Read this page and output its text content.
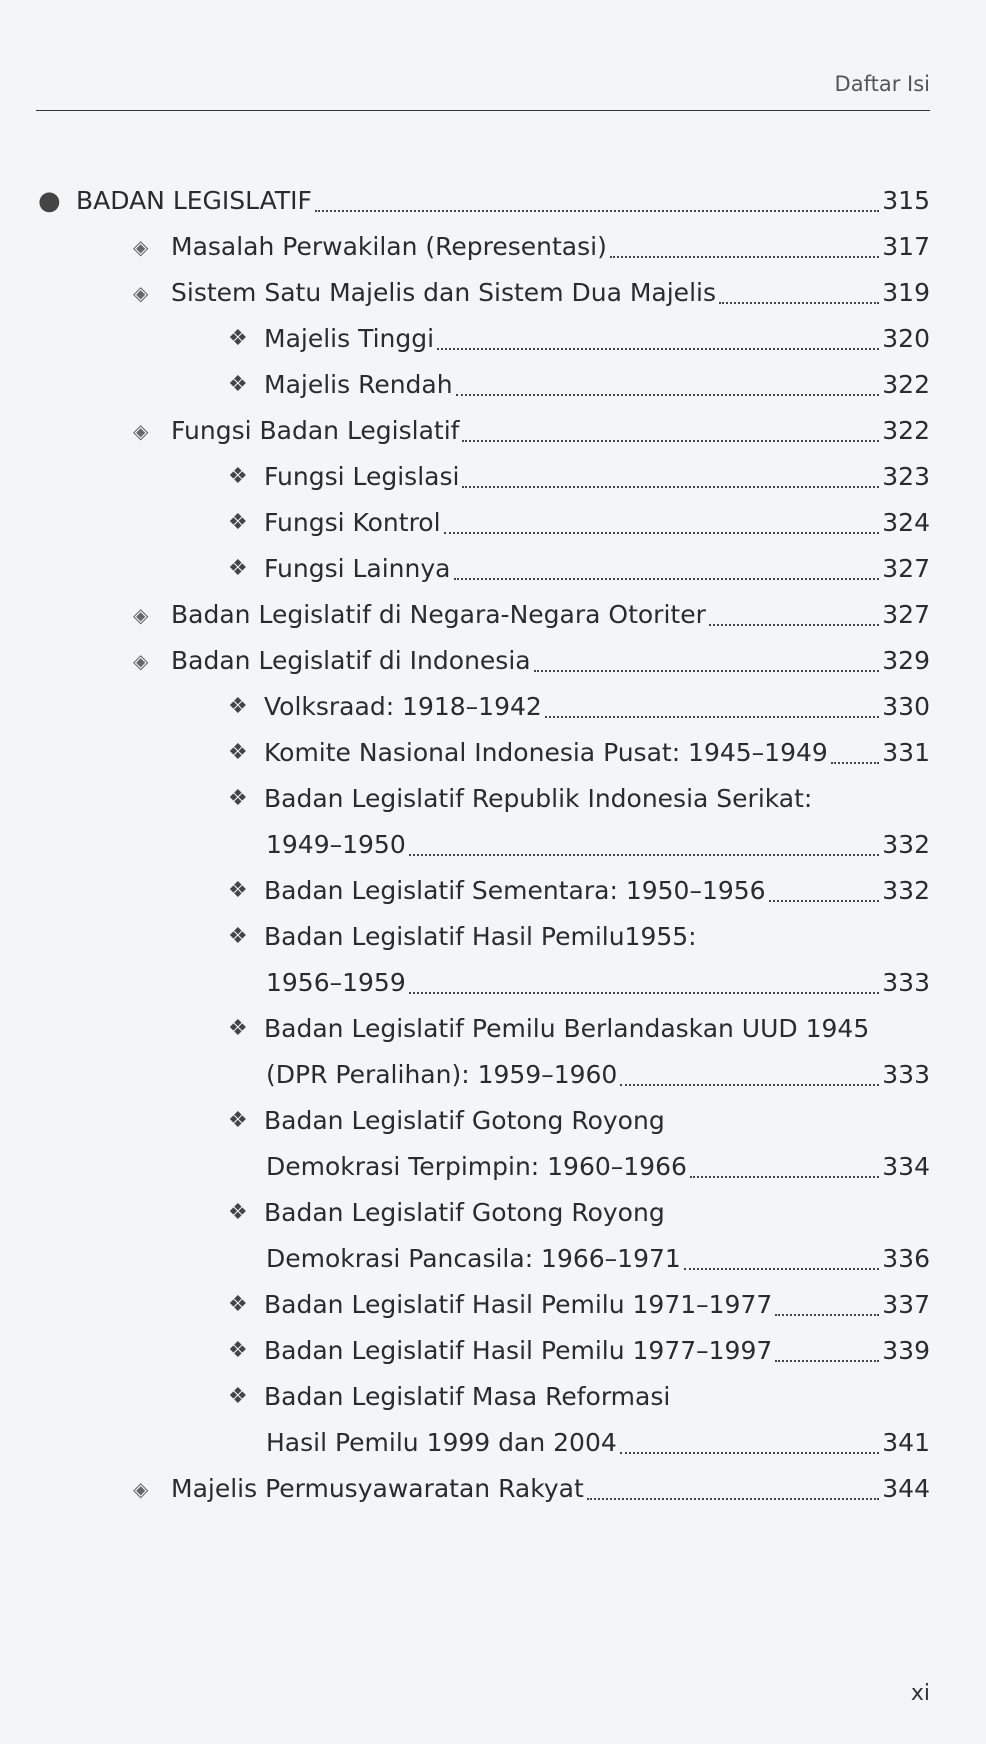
Daftar Isi
● BADAN LEGISLATIF	315
◈ Masalah Perwakilan (Representasi)	317
◈ Sistem Satu Majelis dan Sistem Dua Majelis	319
❖ Majelis Tinggi	320
❖ Majelis Rendah	322
◈ Fungsi Badan Legislatif	322
❖ Fungsi Legislasi	323
❖ Fungsi Kontrol	324
❖ Fungsi Lainnya	327
◈ Badan Legislatif di Negara-Negara Otoriter	327
◈ Badan Legislatif di Indonesia	329
❖ Volksraad: 1918–1942	330
❖ Komite Nasional Indonesia Pusat: 1945–1949 331
❖ Badan Legislatif Republik Indonesia Serikat:
1949–1950	332
❖ Badan Legislatif Sementara: 1950–1956	332
❖ Badan Legislatif Hasil Pemilu1955:
1956–1959	333
❖ Badan Legislatif Pemilu Berlandaskan UUD 1945
(DPR Peralihan): 1959–1960	333
❖ Badan Legislatif Gotong Royong
Demokrasi Terpimpin: 1960–1966	334
❖ Badan Legislatif Gotong Royong
Demokrasi Pancasila: 1966–1971	336
❖ Badan Legislatif Hasil Pemilu 1971–1977	337
❖ Badan Legislatif Hasil Pemilu 1977–1997	339
❖ Badan Legislatif Masa Reformasi
Hasil Pemilu 1999 dan 2004	341
◈ Majelis Permusyawaratan Rakyat	344
xi
